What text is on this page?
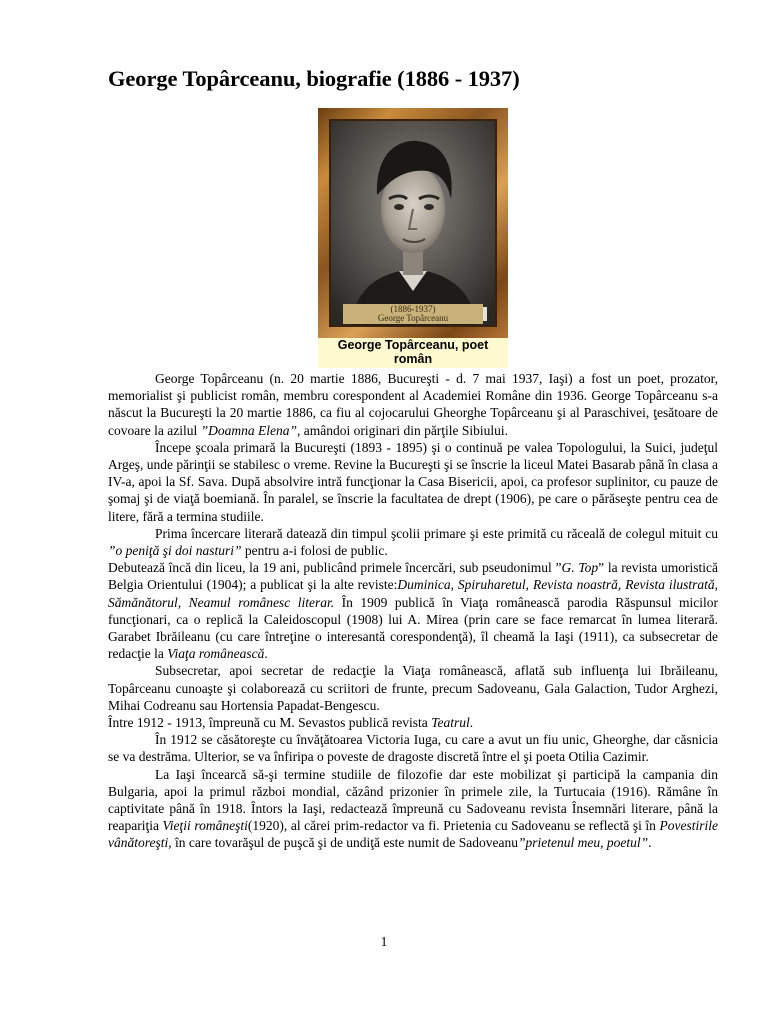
George Topârceanu, biografie (1886 - 1937)
(1886-1937)
George Topârceanu
George Topârceanu, poet român

George Topârceanu (n. 20 martie 1886, Bucureşti - d. 7 mai 1937, Iaşi) a fost un poet, prozator, memorialist şi publicist român, membru corespondent al Academiei Române din 1936. George Topârceanu s-a născut la Bucureşti la 20 martie 1886, ca fiu al cojocarului Gheorghe Topârceanu şi al Paraschivei, ţesătoare de covoare la azilul ”Doamna Elena”, amândoi originari din părţile Sibiului.

Începe şcoala primară la Bucureşti (1893 - 1895) şi o continuă pe valea Topologului, la Suici, judeţul Argeş, unde părinţii se stabilesc o vreme. Revine la Bucureşti şi se înscrie la liceul Matei Basarab până în clasa a IV-a, apoi la Sf. Sava. După absolvire intră funcţionar la Casa Bisericii, apoi, ca profesor suplinitor, cu pauze de şomaj şi de viaţă boemiană. În paralel, se înscrie la facultatea de drept (1906), pe care o părăseşte pentru cea de litere, fără a termina studiile.

Prima încercare literară datează din timpul şcolii primare şi este primită cu răceală de colegul mituit cu ”o peniţă şi doi nasturi” pentru a-i folosi de public.

Debutează încă din liceu, la 19 ani, publicând primele încercări, sub pseudonimul ”G. Top” la revista umoristică Belgia Orientului (1904); a publicat şi la alte reviste:Duminica, Spiruharetul, Revista noastră, Revista ilustrată, Sămănătorul, Neamul românesc literar. În 1909 publică în Viaţa românească parodia Răspunsul micilor funcţionari, ca o replică la Caleidoscopul (1908) lui A. Mirea (prin care se face remarcat în lumea literară. Garabet Ibrăileanu (cu care întreţine o interesantă corespondenţă), îl cheamă la Iaşi (1911), ca subsecretar de redacţie la Viaţa românească.

Subsecretar, apoi secretar de redacţie la Viaţa românească, aflată sub influenţa lui Ibrăileanu, Topârceanu cunoaşte şi colaborează cu scriitori de frunte, precum Sadoveanu, Gala Galaction, Tudor Arghezi, Mihai Codreanu sau Hortensia Papadat-Bengescu.

Între 1912 - 1913, împreună cu M. Sevastos publică revista Teatrul.

În 1912 se căsătoreşte cu învăţătoarea Victoria Iuga, cu care a avut un fiu unic, Gheorghe, dar căsnicia se va destrăma. Ulterior, se va înfiripa o poveste de dragoste discretă între el şi poeta Otilia Cazimir.

La Iaşi încearcă să-şi termine studiile de filozofie dar este mobilizat şi participă la campania din Bulgaria, apoi la primul război mondial, căzând prizonier în primele zile, la Turtucaia (1916). Rămâne în captivitate până în 1918. Întors la Iaşi, redactează împreună cu Sadoveanu revista Însemnări literare, până la reapariţia Vieţii româneşti(1920), al cărei prim-redactor va fi. Prietenia cu Sadoveanu se reflectă şi în Povestirile vânătoreşti, în care tovarăşul de puşcă şi de undiţă este numit de Sadoveanu”prietenul meu, poetul”.

1
